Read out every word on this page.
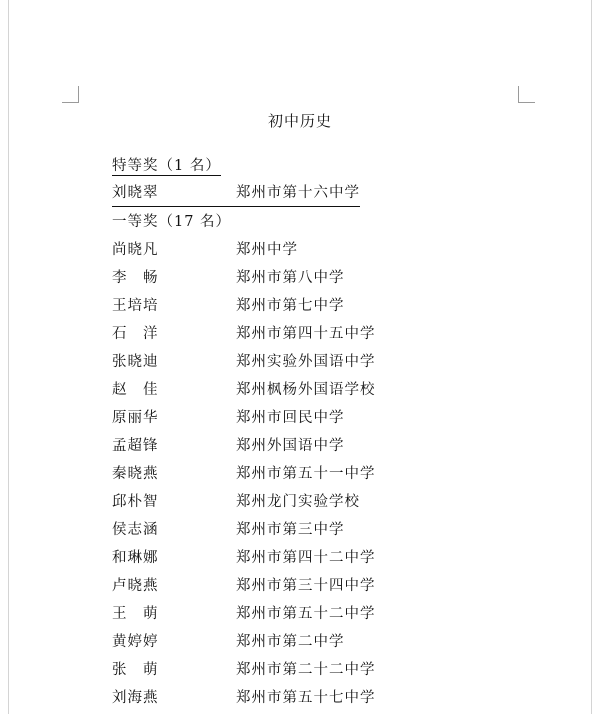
初中历史
特等奖（1 名）
刘晓翠	郑州市第十六中学
一等奖（17 名）
尚晓凡	郑州中学
李　畅	郑州市第八中学
王培培	郑州市第七中学
石　洋	郑州市第四十五中学
张晓迪	郑州实验外国语中学
赵　佳	郑州枫杨外国语学校
原丽华	郑州市回民中学
孟超锋	郑州外国语中学
秦晓燕	郑州市第五十一中学
邱朴智	郑州龙门实验学校
侯志涵	郑州市第三中学
和琳娜	郑州市第四十二中学
卢晓燕	郑州市第三十四中学
王　萌	郑州市第五十二中学
黄婷婷	郑州市第二中学
张　萌	郑州市第二十二中学
刘海燕	郑州市第五十七中学
